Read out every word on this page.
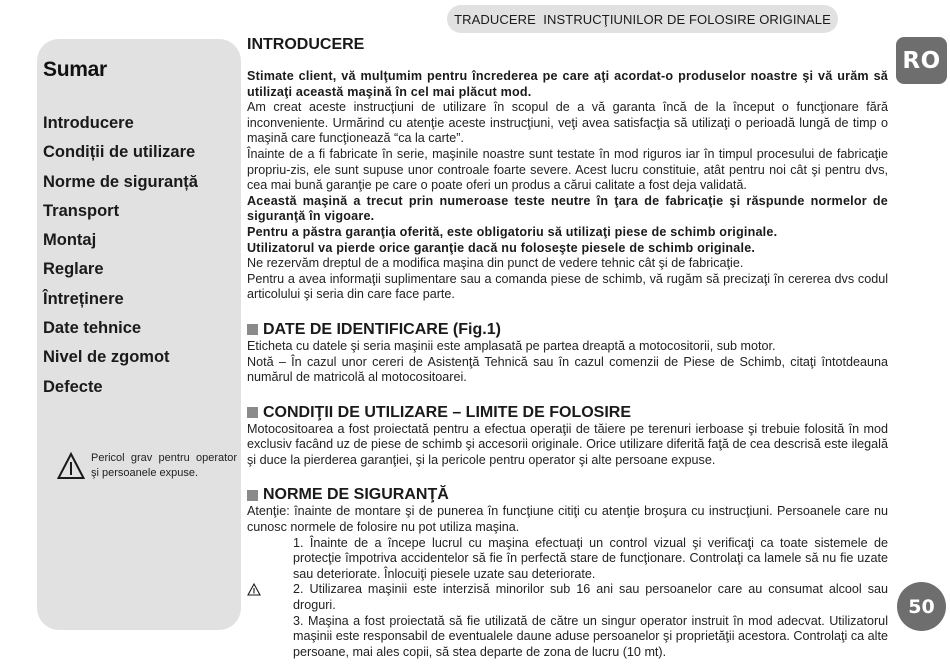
TRADUCERE  INSTRUCŢIUNILOR DE FOLOSIRE ORIGINALE
RO
50
Sumar
Introducere
Condiții de utilizare
Norme de siguranță
Transport
Montaj
Reglare
Întreținere
Date tehnice
Nivel de zgomot
Defecte
Pericol grav pentru operator şi persoanele expuse.
INTRODUCERE

Stimate client, vă mulţumim pentru încrederea pe care aţi acordat-o produselor noastre şi vă urăm să utilizaţi această maşină în cel mai plăcut mod.

Am creat aceste instrucţiuni de utilizare în scopul de a vă garanta încă de la început o funcţionare fără inconveniente. Urmărind cu atenţie aceste instrucţiuni, veţi avea satisfacţia să utilizaţi o perioadă lungă de timp o maşină care funcţionează “ca la carte”.

Înainte de a fi fabricate în serie, maşinile noastre sunt testate în mod riguros iar în timpul procesului de fabricaţie propriu-zis, ele sunt supuse unor controale foarte severe. Acest lucru constituie, atât pentru noi cât şi pentru dvs, cea mai bună garanţie pe care o poate oferi un produs a cărui calitate a fost deja validată.

Această maşină a trecut prin numeroase teste neutre în ţara de fabricaţie şi răspunde normelor de siguranţă în vigoare.

Pentru a păstra garanţia oferită, este obligatoriu să utilizaţi piese de schimb originale.

Utilizatorul va pierde orice garanţie dacă nu foloseşte piesele de schimb originale.

Ne rezervăm dreptul de a modifica maşina din punct de vedere tehnic cât şi de fabricaţie.

Pentru a avea informaţii suplimentare sau a comanda piese de schimb, vă rugăm să precizaţi în cererea dvs codul articolului şi seria din care face parte.

DATE DE IDENTIFICARE (Fig.1)

Eticheta cu datele şi seria maşinii este amplasată pe partea dreaptă a motocositorii, sub motor.

Notă – În cazul unor cereri de Asistenţă Tehnică sau în cazul comenzii de Piese de Schimb, citaţi întotdeauna numărul de matricolă al motocositoarei.

CONDIŢII DE UTILIZARE – LIMITE DE FOLOSIRE

Motocositoarea a fost proiectată pentru a efectua operaţii de tăiere pe terenuri ierboase şi trebuie folosită în mod exclusiv facând uz de piese de schimb şi accesorii originale. Orice utilizare diferită faţă de cea descrisă este ilegală şi duce la pierderea garanţiei, şi la pericole pentru operator şi alte persoane expuse.

NORME DE SIGURANŢĂ

Atenţie: înainte de montare şi de punerea în funcţiune citiţi cu atenţie broşura cu instrucţiuni. Persoanele care nu cunosc normele de folosire nu pot utiliza maşina.

1. Înainte de a începe lucrul cu maşina efectuaţi un control vizual şi verificaţi ca toate sistemele de protecţie împotriva accidentelor să fie în perfectă stare de funcţionare. Controlaţi ca lamele să nu fie uzate sau deteriorate. Înlocuiţi piesele uzate sau deteriorate.

2. Utilizarea maşinii este interzisă minorilor sub 16 ani sau persoanelor care au consumat alcool sau droguri.

3. Maşina a fost proiectată să fie utilizată de către un singur operator instruit în mod adecvat. Utilizatorul maşinii este responsabil de eventualele daune aduse persoanelor şi proprietăţii acestora. Controlaţi ca alte persoane, mai ales copii, să stea departe de zona de lucru (10 mt).
